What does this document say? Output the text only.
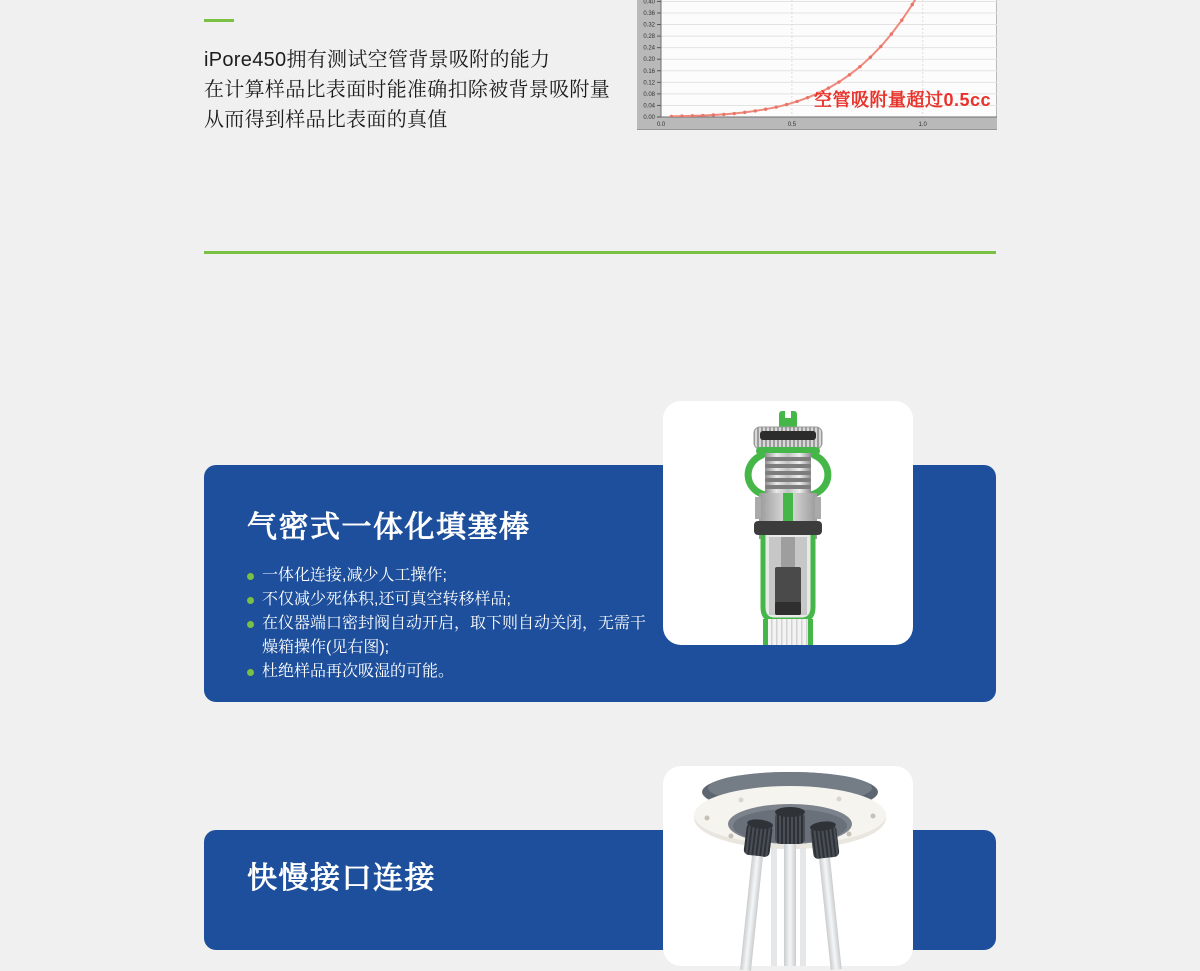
iPore450拥有测试空管背景吸附的能力
在计算样品比表面时能准确扣除被背景吸附量
从而得到样品比表面的真值	0.00
0.04
0.08
0.12
0.16
0.20
0.24
0.28
0.32
0.36
0.40
0.0	0.5	1.0
空管吸附量超过0.5cc
气密式一体化填塞棒
一体化连接,减少人工操作;
不仅减少死体积,还可真空转移样品;
在仪器端口密封阀自动开启，取下则自动关闭，无需干燥箱操作(见右图);
杜绝样品再次吸湿的可能。
快慢接口连接
